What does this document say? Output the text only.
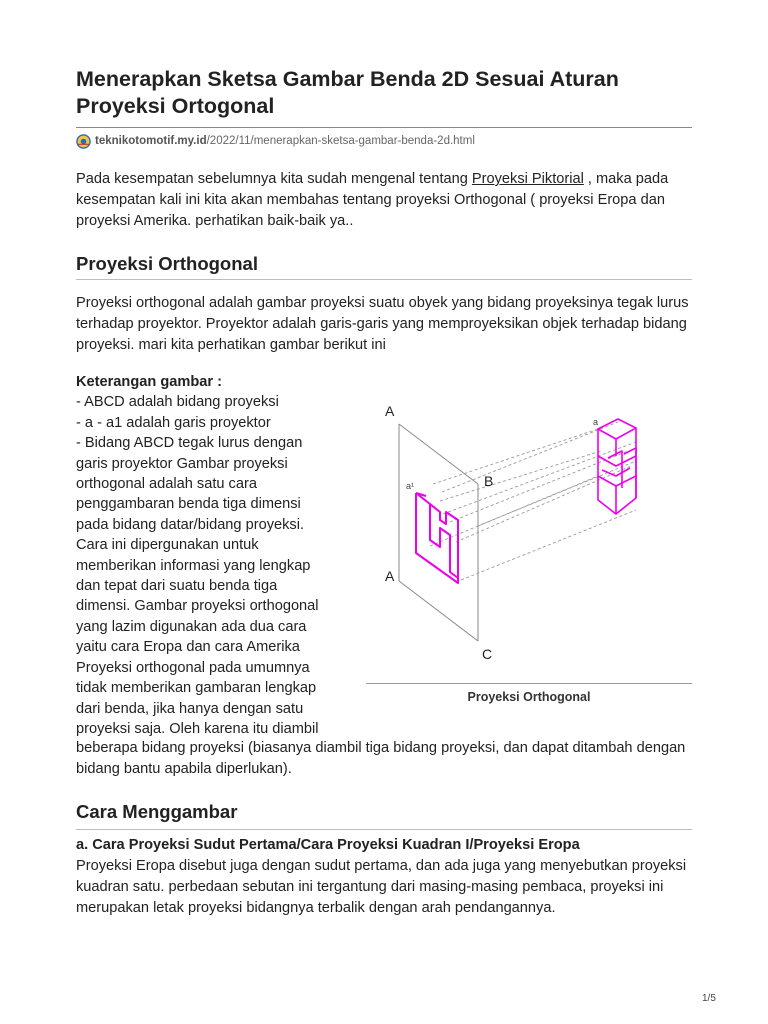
Menerapkan Sketsa Gambar Benda 2D Sesuai Aturan Proyeksi Ortogonal
teknikotomotif.my.id /2022/11/menerapkan-sketsa-gambar-benda-2d.html

Pada kesempatan sebelumnya kita sudah mengenal tentang Proyeksi Piktorial , maka pada kesempatan kali ini kita akan membahas tentang proyeksi Orthogonal ( proyeksi Eropa dan proyeksi Amerika. perhatikan baik-baik ya..

Proyeksi Orthogonal

Proyeksi orthogonal adalah gambar proyeksi suatu obyek yang bidang proyeksinya tegak lurus terhadap proyektor. Proyektor adalah garis-garis yang memproyeksikan objek terhadap bidang proyeksi. mari kita perhatikan gambar berikut ini

Keterangan gambar :
- ABCD adalah bidang proyeksi
- a - a1 adalah garis proyektor
- Bidang ABCD tegak lurus dengan
garis proyektor Gambar proyeksi
orthogonal adalah satu cara
penggambaran benda tiga dimensi
pada bidang datar/bidang proyeksi.
Cara ini dipergunakan untuk
memberikan informasi yang lengkap
dan tepat dari suatu benda tiga
dimensi. Gambar proyeksi orthogonal
yang lazim digunakan ada dua cara
yaitu cara Eropa dan cara Amerika
Proyeksi orthogonal pada umumnya
tidak memberikan gambaran lengkap
dari benda, jika hanya dengan satu
proyeksi saja. Oleh karena itu diambil
A
B
A
C
a
a¹
Proyeksi Orthogonal

beberapa bidang proyeksi (biasanya diambil tiga bidang proyeksi, dan dapat ditambah dengan bidang bantu apabila diperlukan).

Cara Menggambar

a. Cara Proyeksi Sudut Pertama/Cara Proyeksi Kuadran I/Proyeksi Eropa

Proyeksi Eropa disebut juga dengan sudut pertama, dan ada juga yang menyebutkan proyeksi kuadran satu. perbedaan sebutan ini tergantung dari masing-masing pembaca, proyeksi ini merupakan letak proyeksi bidangnya terbalik dengan arah pendangannya.

1/5
